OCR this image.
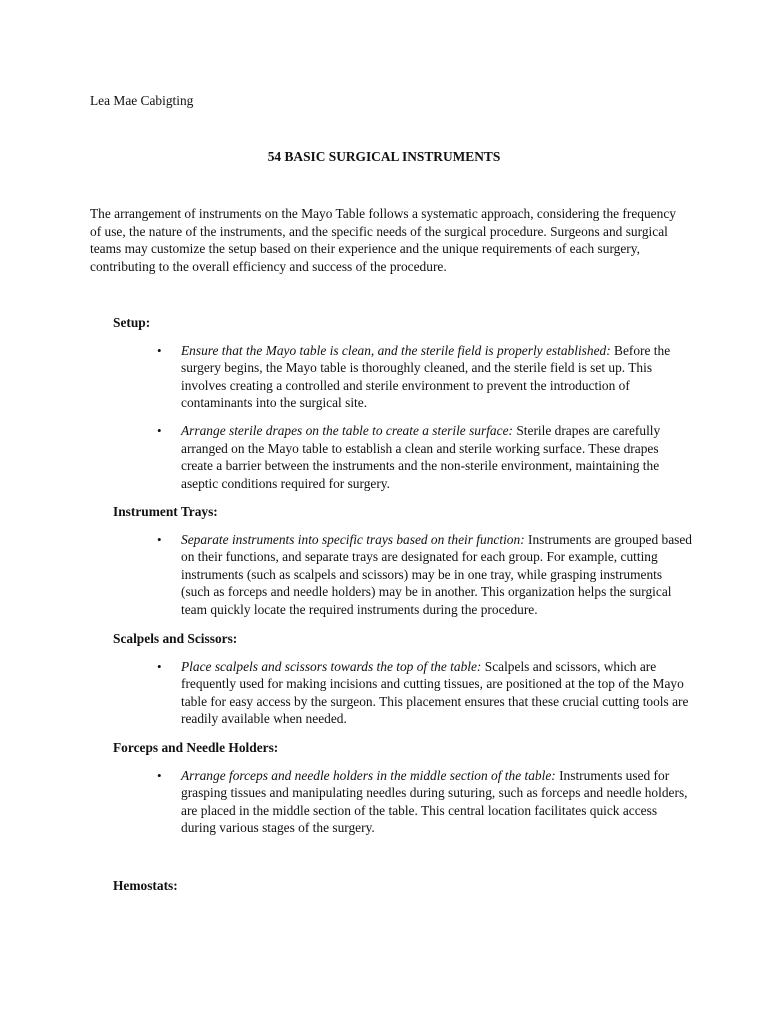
Lea Mae Cabigting

54 BASIC SURGICAL INSTRUMENTS

The arrangement of instruments on the Mayo Table follows a systematic approach, considering the frequency of use, the nature of the instruments, and the specific needs of the surgical procedure. Surgeons and surgical teams may customize the setup based on their experience and the unique requirements of each surgery, contributing to the overall efficiency and success of the procedure.

Setup:

• Ensure that the Mayo table is clean, and the sterile field is properly established: Before the surgery begins, the Mayo table is thoroughly cleaned, and the sterile field is set up. This involves creating a controlled and sterile environment to prevent the introduction of contaminants into the surgical site.

• Arrange sterile drapes on the table to create a sterile surface: Sterile drapes are carefully arranged on the Mayo table to establish a clean and sterile working surface. These drapes create a barrier between the instruments and the non-sterile environment, maintaining the aseptic conditions required for surgery.

Instrument Trays:

• Separate instruments into specific trays based on their function: Instruments are grouped based on their functions, and separate trays are designated for each group. For example, cutting instruments (such as scalpels and scissors) may be in one tray, while grasping instruments (such as forceps and needle holders) may be in another. This organization helps the surgical team quickly locate the required instruments during the procedure.

Scalpels and Scissors:

• Place scalpels and scissors towards the top of the table: Scalpels and scissors, which are frequently used for making incisions and cutting tissues, are positioned at the top of the Mayo table for easy access by the surgeon. This placement ensures that these crucial cutting tools are readily available when needed.

Forceps and Needle Holders:

• Arrange forceps and needle holders in the middle section of the table: Instruments used for grasping tissues and manipulating needles during suturing, such as forceps and needle holders, are placed in the middle section of the table. This central location facilitates quick access during various stages of the surgery.

Hemostats:
